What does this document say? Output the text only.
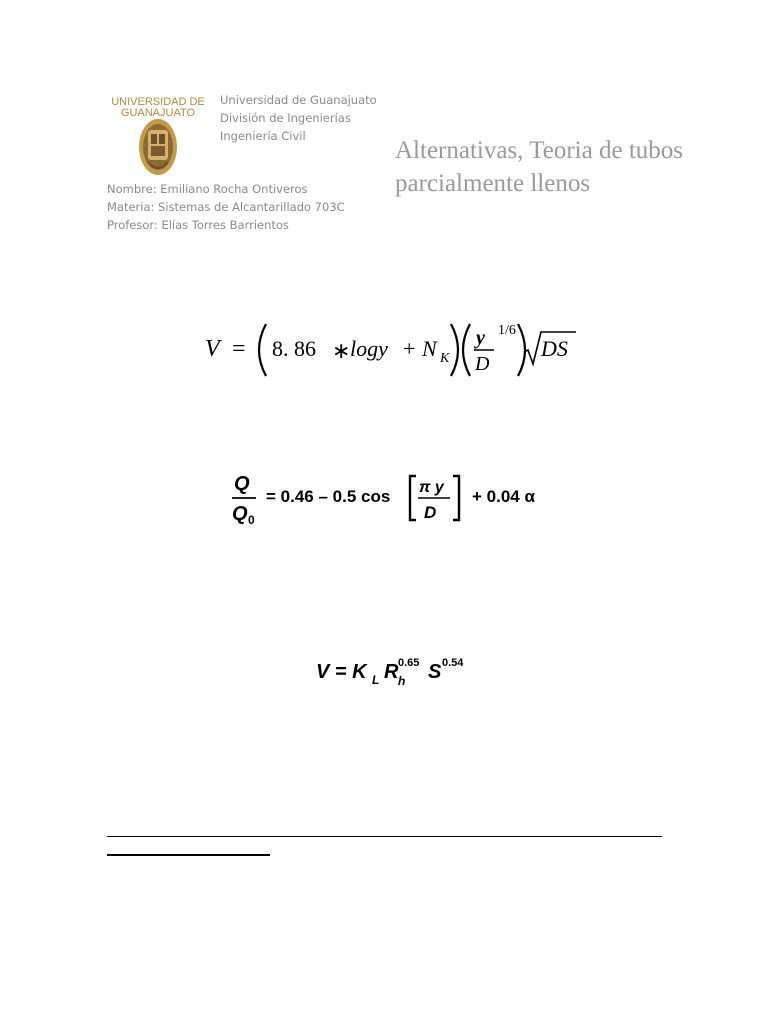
UNIVERSIDAD DE
GUANAJUATO
Universidad de Guanajuato
División de Ingenierías
Ingeniería Civil
Alternativas, Teoria de tubos
parcialmente llenos
Nombre: Emiliano Rocha Ontiveros
Materia: Sistemas de Alcantarillado 703C
Profesor: Elías Torres Barrientos
V = 8. 86 ∗ logy + N K
y
D
1/6
DS
Q
Q 0
= 0.46 – 0.5 cos π y
D
+ 0.04 α
V = K L R 0.65
h S 0.54
